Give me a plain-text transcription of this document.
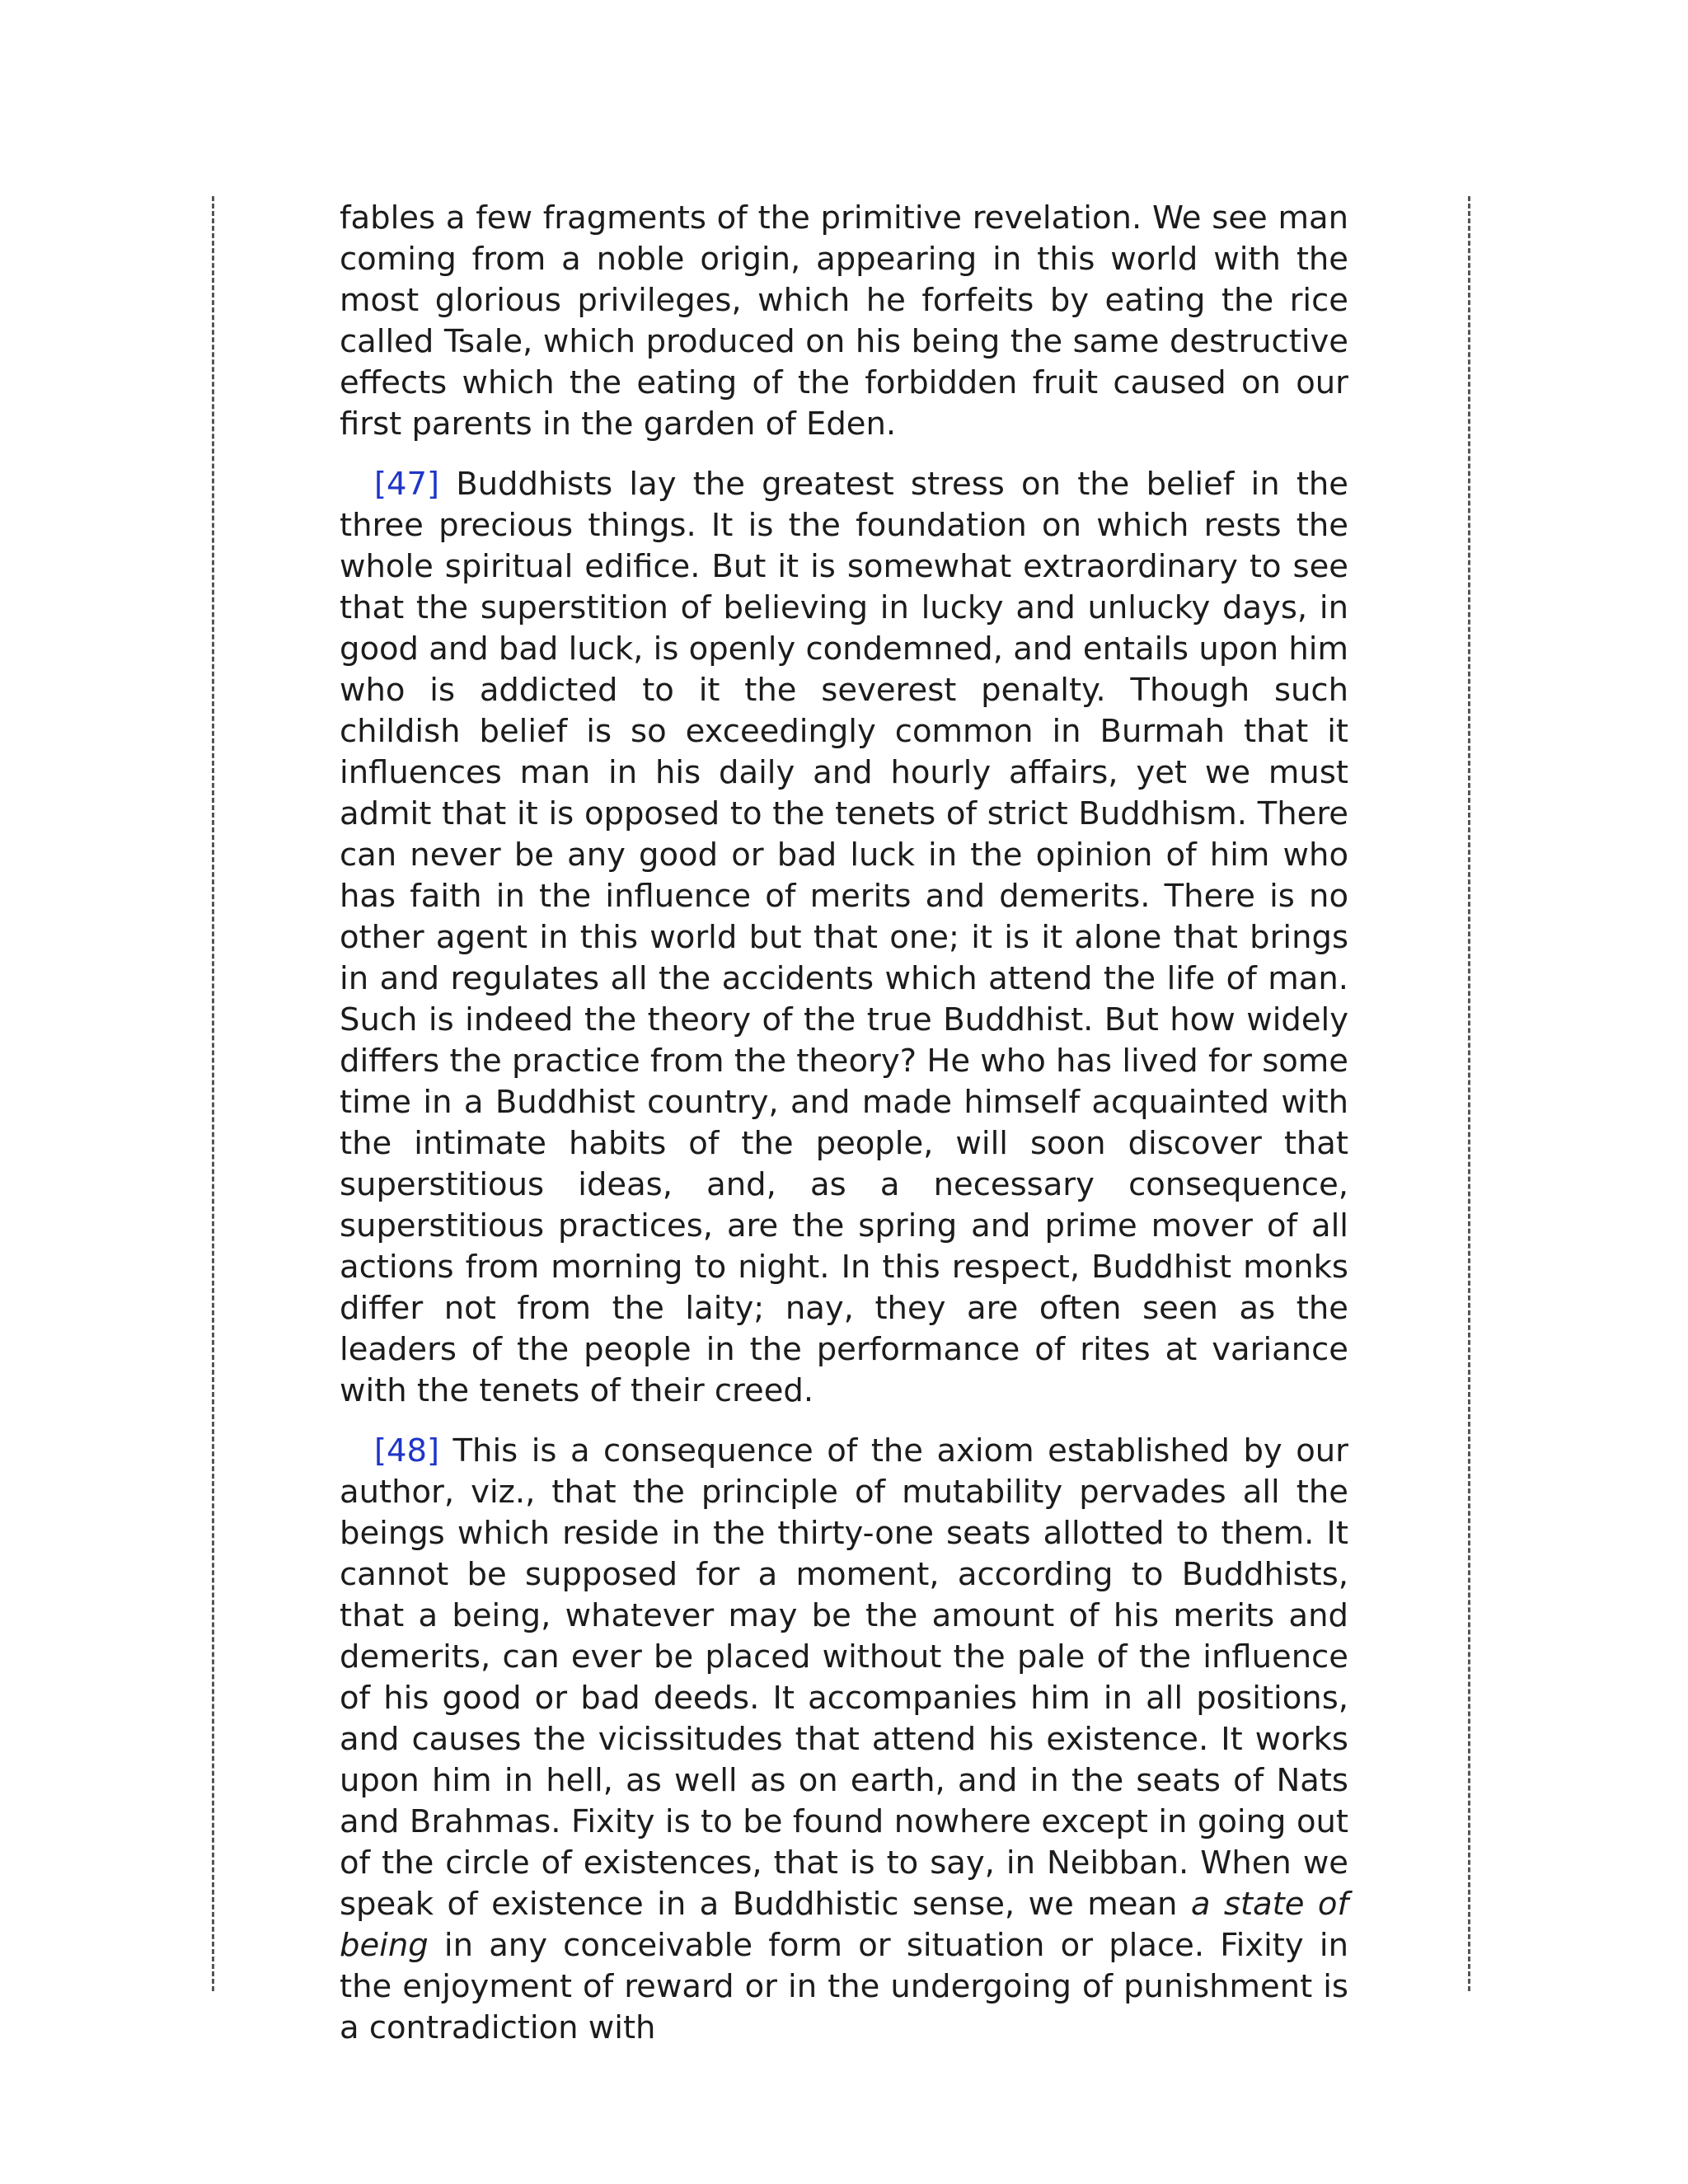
fables a few fragments of the primitive revelation. We see man coming from a noble origin, appearing in this world with the most glorious privileges, which he forfeits by eating the rice called Tsale, which produced on his being the same destructive effects which the eating of the forbidden fruit caused on our first parents in the garden of Eden.

[47] Buddhists lay the greatest stress on the belief in the three precious things. It is the foundation on which rests the whole spiritual edifice. But it is somewhat extraordinary to see that the superstition of believing in lucky and unlucky days, in good and bad luck, is openly condemned, and entails upon him who is addicted to it the severest penalty. Though such childish belief is so exceedingly common in Burmah that it influences man in his daily and hourly affairs, yet we must admit that it is opposed to the tenets of strict Buddhism. There can never be any good or bad luck in the opinion of him who has faith in the influence of merits and demerits. There is no other agent in this world but that one; it is it alone that brings in and regulates all the accidents which attend the life of man. Such is indeed the theory of the true Buddhist. But how widely differs the practice from the theory? He who has lived for some time in a Buddhist country, and made himself acquainted with the intimate habits of the people, will soon discover that superstitious ideas, and, as a necessary consequence, superstitious practices, are the spring and prime mover of all actions from morning to night. In this respect, Buddhist monks differ not from the laity; nay, they are often seen as the leaders of the people in the performance of rites at variance with the tenets of their creed.

[48] This is a consequence of the axiom established by our author, viz., that the principle of mutability pervades all the beings which reside in the thirty-one seats allotted to them. It cannot be supposed for a moment, according to Buddhists, that a being, whatever may be the amount of his merits and demerits, can ever be placed without the pale of the influence of his good or bad deeds. It accompanies him in all positions, and causes the vicissitudes that attend his existence. It works upon him in hell, as well as on earth, and in the seats of Nats and Brahmas. Fixity is to be found nowhere except in going out of the circle of existences, that is to say, in Neibban. When we speak of existence in a Buddhistic sense, we mean a state of being in any conceivable form or situation or place. Fixity in the enjoyment of reward or in the undergoing of punishment is a contradiction with
